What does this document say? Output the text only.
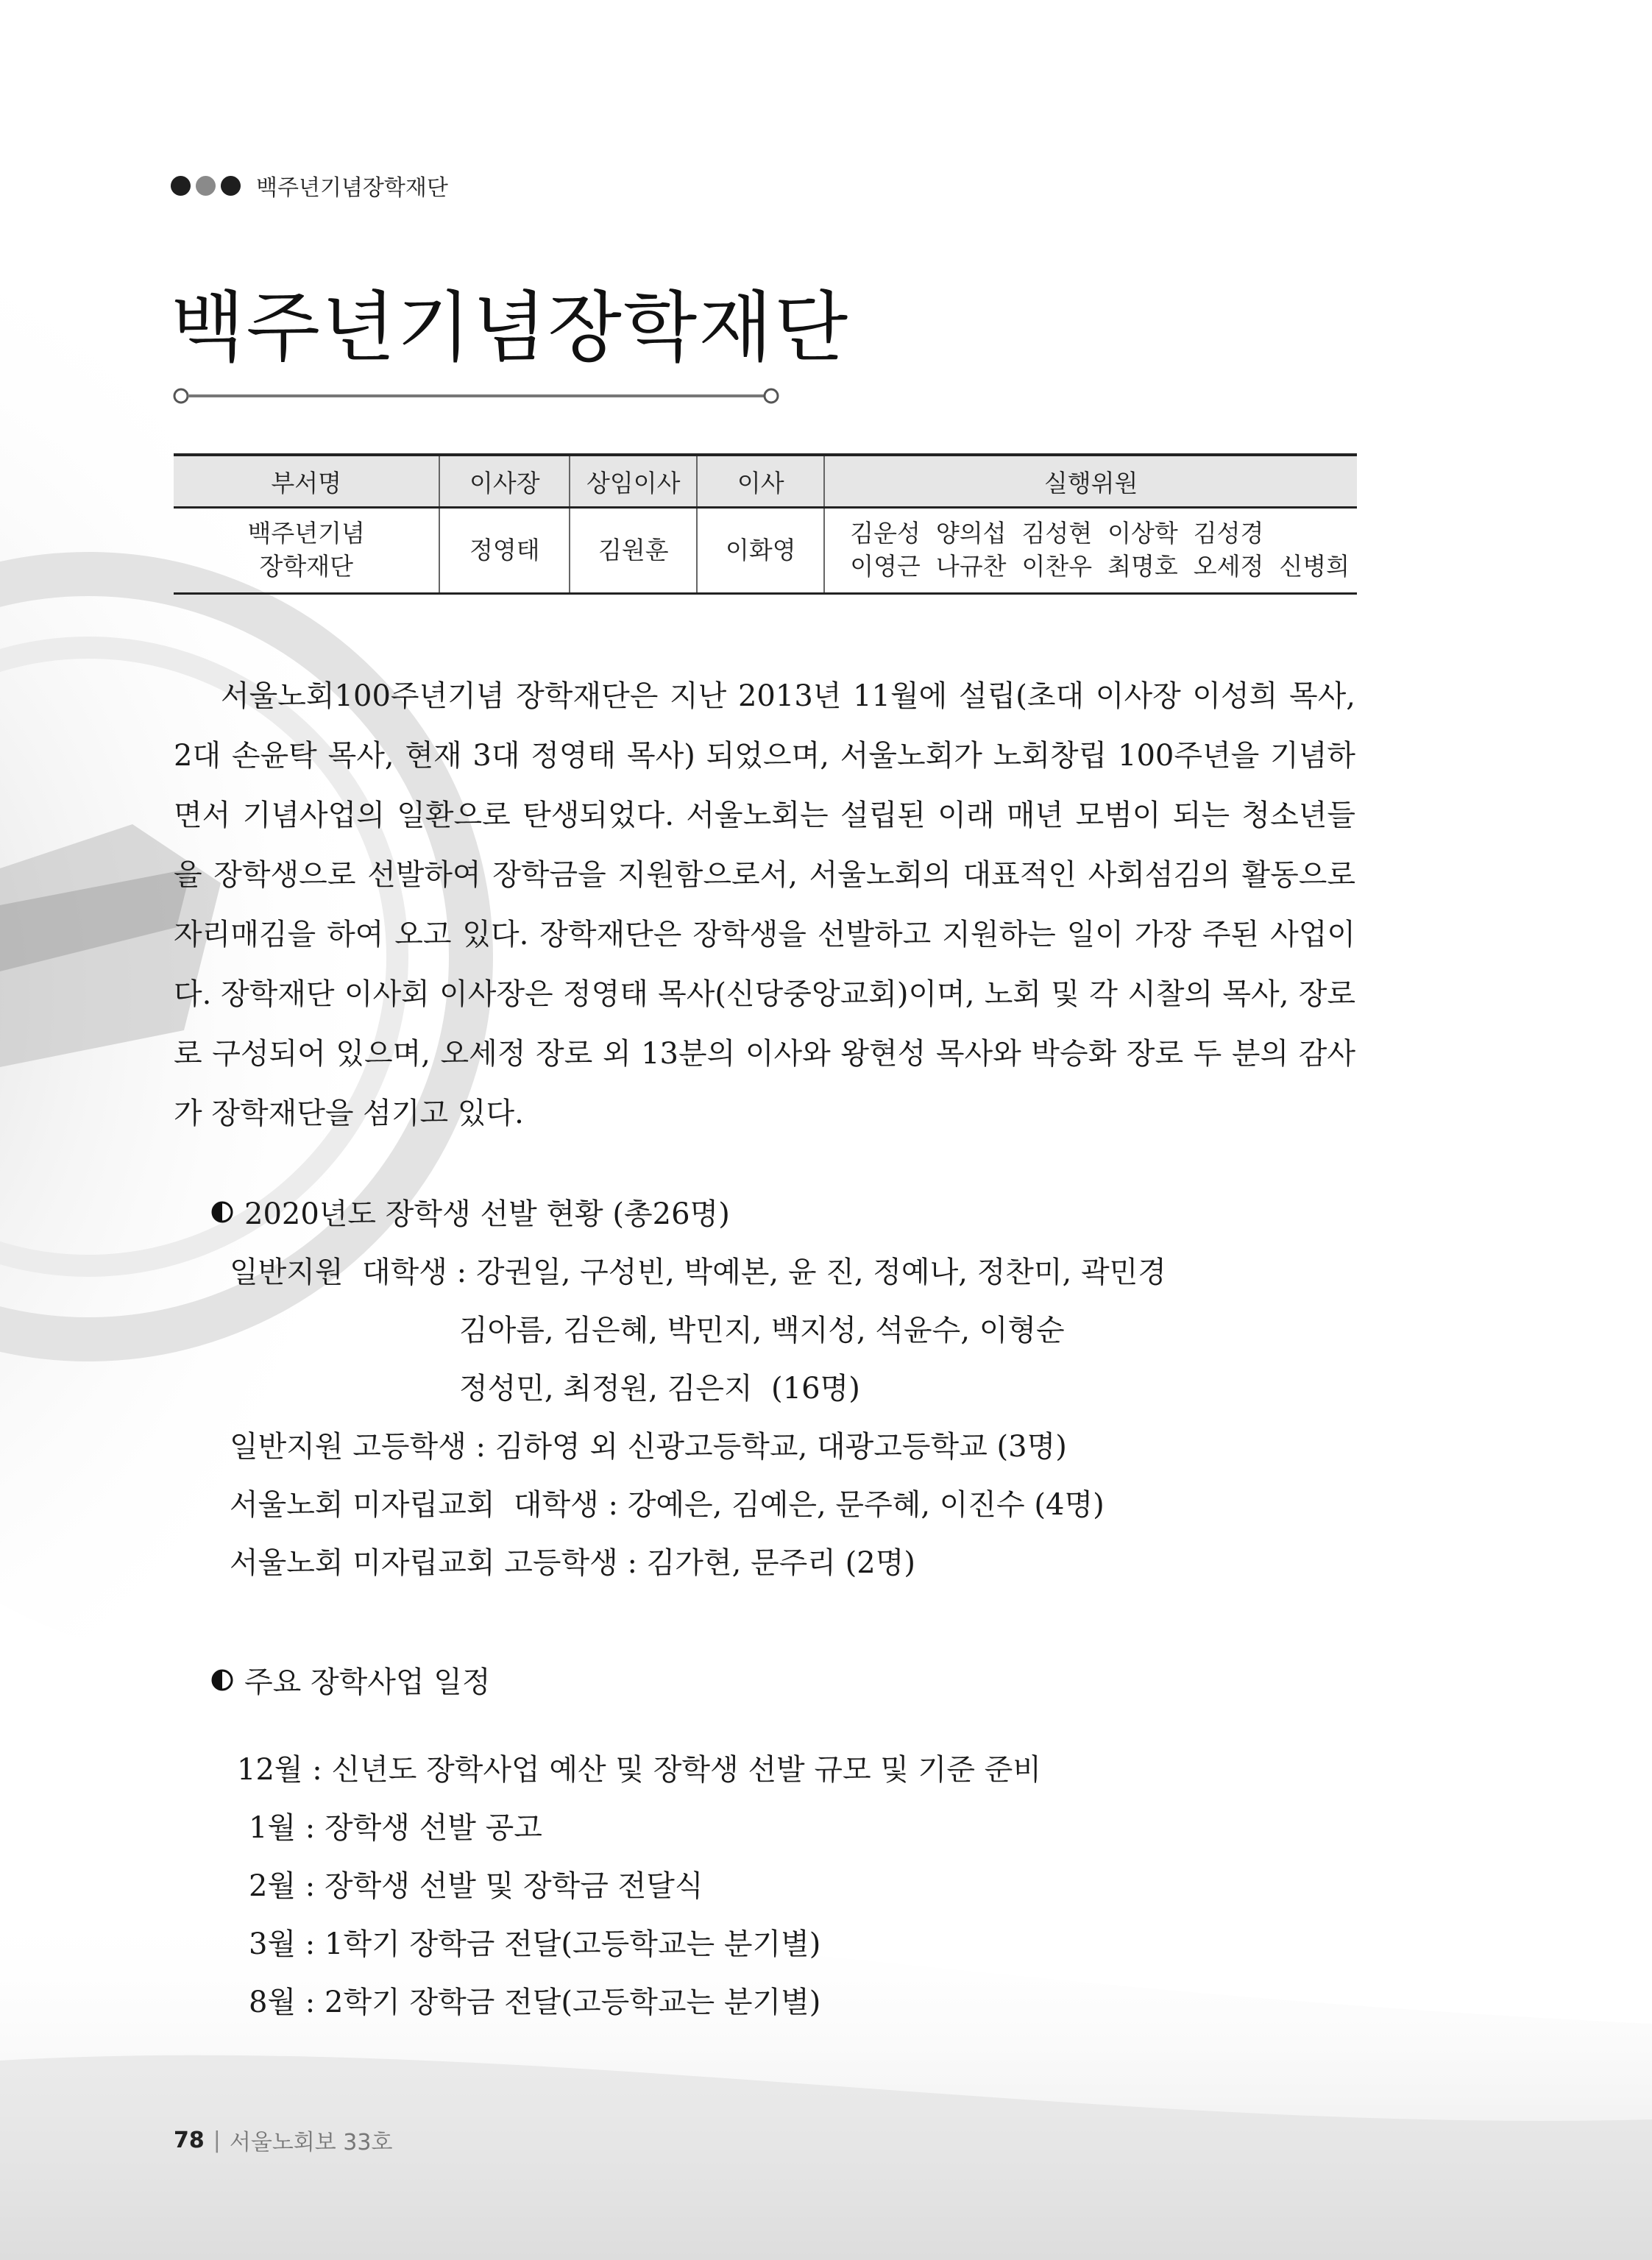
백주년기념장학재단
백주년기념장학재단
부서명	이사장	상임이사	이사	실행위원

백주년기념
장학재단	정영태	김원훈	이화영	김운성  양의섭  김성현  이상학  김성경
이영근  나규찬  이찬우  최명호  오세정  신병희

서울노회100주년기념 장학재단은 지난 2013년 11월에 설립(초대 이사장 이성희 목사, 2대 손윤탁 목사, 현재 3대 정영태 목사) 되었으며, 서울노회가 노회창립 100주년을 기념하면서 기념사업의 일환으로 탄생되었다. 서울노회는 설립된 이래 매년 모범이 되는 청소년들을 장학생으로 선발하여 장학금을 지원함으로서, 서울노회의 대표적인 사회섬김의 활동으로 자리매김을 하여 오고 있다. 장학재단은 장학생을 선발하고 지원하는 일이 가장 주된 사업이다. 장학재단 이사회 이사장은 정영태 목사(신당중앙교회)이며, 노회 및 각 시찰의 목사, 장로로 구성되어 있으며, 오세정 장로 외 13분의 이사와 왕현성 목사와 박승화 장로 두 분의 감사가 장학재단을 섬기고 있다.

2020년도 장학생 선발 현황 (총26명)
일반지원  대학생 : 강권일, 구성빈, 박예본, 윤 진, 정예나, 정찬미, 곽민경
김아름, 김은혜, 박민지, 백지성, 석윤수, 이형순
정성민, 최정원, 김은지  (16명)
일반지원 고등학생 : 김하영 외 신광고등학교, 대광고등학교 (3명)
서울노회 미자립교회  대학생 : 강예은, 김예은, 문주혜, 이진수 (4명)
서울노회 미자립교회 고등학생 : 김가현, 문주리 (2명)
주요 장학사업 일정
12월 : 신년도 장학사업 예산 및 장학생 선발 규모 및 기준 준비
1월 : 장학생 선발 공고
2월 : 장학생 선발 및 장학금 전달식
3월 : 1학기 장학금 전달(고등학교는 분기별)
8월 : 2학기 장학금 전달(고등학교는 분기별)
78 | 서울노회보 33호
